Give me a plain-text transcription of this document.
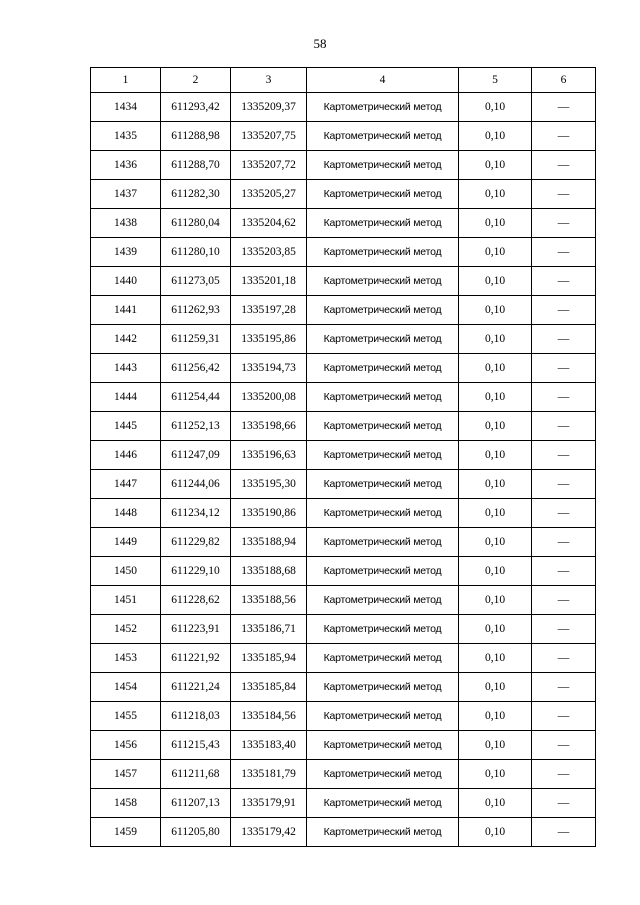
58
1	2	3	4	5	6
1434	611293,42	1335209,37	Картометрический метод	0,10	—
1435	611288,98	1335207,75	Картометрический метод	0,10	—
1436	611288,70	1335207,72	Картометрический метод	0,10	—
1437	611282,30	1335205,27	Картометрический метод	0,10	—
1438	611280,04	1335204,62	Картометрический метод	0,10	—
1439	611280,10	1335203,85	Картометрический метод	0,10	—
1440	611273,05	1335201,18	Картометрический метод	0,10	—
1441	611262,93	1335197,28	Картометрический метод	0,10	—
1442	611259,31	1335195,86	Картометрический метод	0,10	—
1443	611256,42	1335194,73	Картометрический метод	0,10	—
1444	611254,44	1335200,08	Картометрический метод	0,10	—
1445	611252,13	1335198,66	Картометрический метод	0,10	—
1446	611247,09	1335196,63	Картометрический метод	0,10	—
1447	611244,06	1335195,30	Картометрический метод	0,10	—
1448	611234,12	1335190,86	Картометрический метод	0,10	—
1449	611229,82	1335188,94	Картометрический метод	0,10	—
1450	611229,10	1335188,68	Картометрический метод	0,10	—
1451	611228,62	1335188,56	Картометрический метод	0,10	—
1452	611223,91	1335186,71	Картометрический метод	0,10	—
1453	611221,92	1335185,94	Картометрический метод	0,10	—
1454	611221,24	1335185,84	Картометрический метод	0,10	—
1455	611218,03	1335184,56	Картометрический метод	0,10	—
1456	611215,43	1335183,40	Картометрический метод	0,10	—
1457	611211,68	1335181,79	Картометрический метод	0,10	—
1458	611207,13	1335179,91	Картометрический метод	0,10	—
1459	611205,80	1335179,42	Картометрический метод	0,10	—
